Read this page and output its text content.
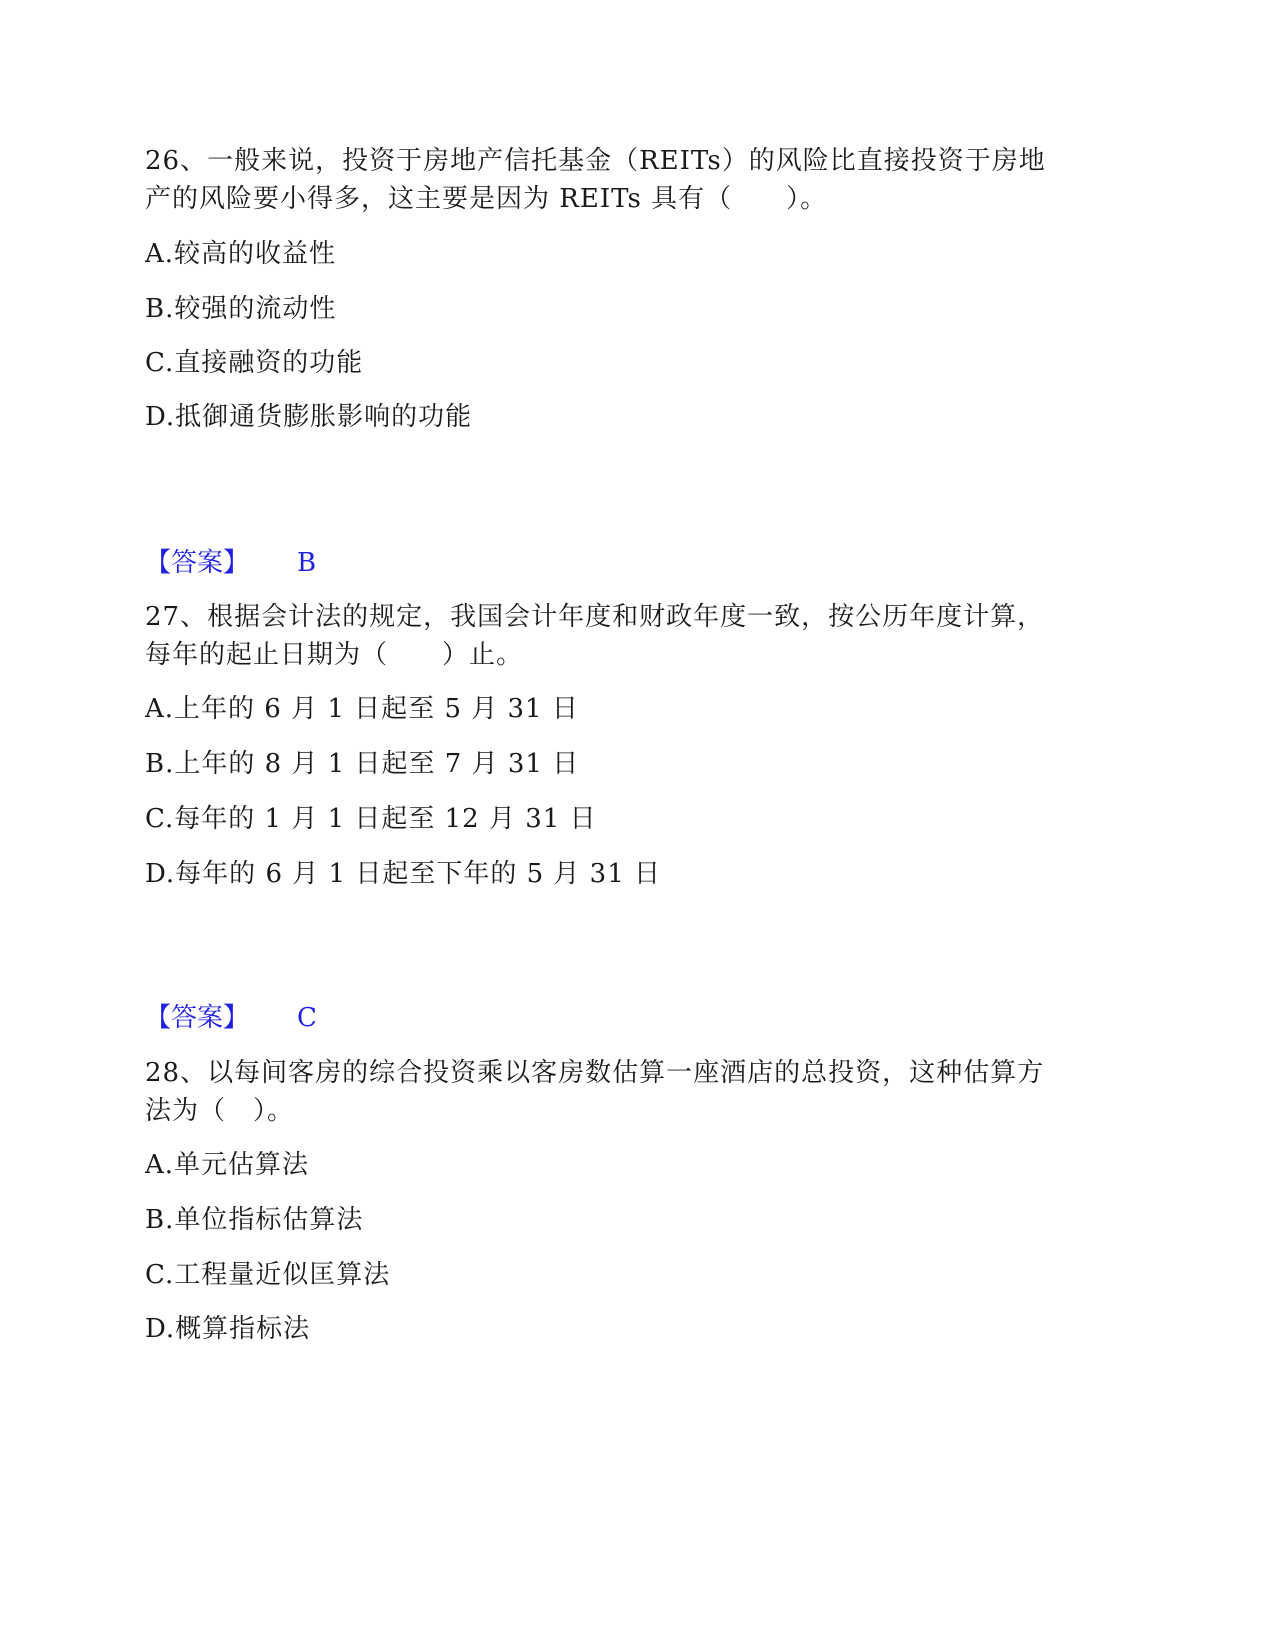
26、一般来说，投资于房地产信托基金（REITs）的风险比直接投资于房地
产的风险要小得多，这主要是因为 REITs 具有（　　）。
A.较高的收益性
B.较强的流动性
C.直接融资的功能
D.抵御通货膨胀影响的功能
【答案】 B
27、根据会计法的规定，我国会计年度和财政年度一致，按公历年度计算，
每年的起止日期为（　　）止。
A.上年的 6 月 1 日起至 5 月 31 日
B.上年的 8 月 1 日起至 7 月 31 日
C.每年的 1 月 1 日起至 12 月 31 日
D.每年的 6 月 1 日起至下年的 5 月 31 日
【答案】 C
28、以每间客房的综合投资乘以客房数估算一座酒店的总投资，这种估算方
法为（　）。
A.单元估算法
B.单位指标估算法
C.工程量近似匡算法
D.概算指标法
